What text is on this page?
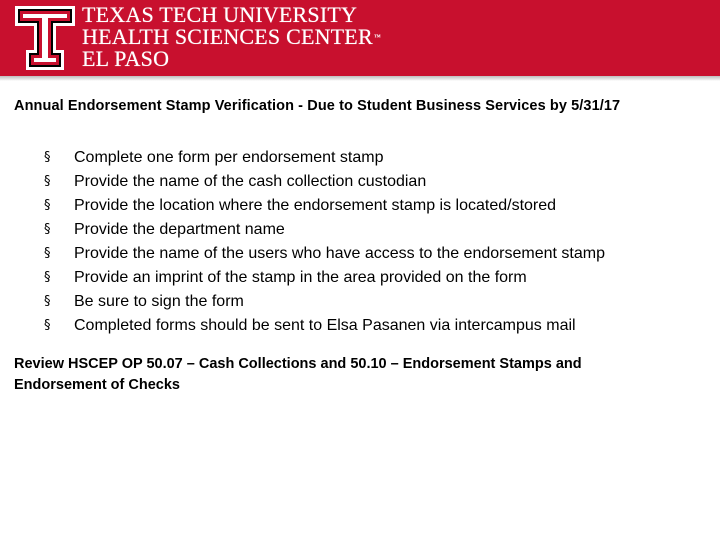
TEXAS TECH UNIVERSITY
HEALTH SCIENCES CENTER™
EL PASO
Annual Endorsement Stamp Verification - Due to Student Business Services by 5/31/17
§	Complete one form per endorsement stamp
§	Provide the name of the cash collection custodian
§	Provide the location where the endorsement stamp is located/stored
§	Provide the department name
§	Provide the name of the users who have access to the endorsement stamp
§	Provide an imprint of the stamp in the area provided on the form
§	Be sure to sign the form
§	Completed forms should be sent to Elsa Pasanen via intercampus mail
Review HSCEP OP 50.07 – Cash Collections and 50.10 – Endorsement Stamps and
Endorsement of Checks
